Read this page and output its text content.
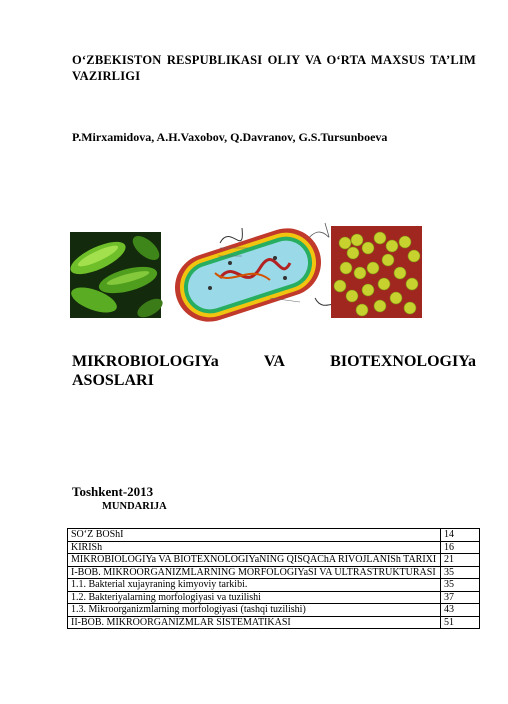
O‘ZBEKISTON RESPUBLIKASI OLIY VA O‘RTA MAXSUS TA’LIM VAZIRLIGI
P.Mirxamidova, A.H.Vaxobov, Q.Davranov, G.S.Tursunboeva
MIKROBIOLOGIYa	VA	BIOTEXNOLOGIYa
ASOSLARI
Toshkent-2013
MUNDARIJA
SO‘Z BOShI	14
KIRISh	16
MIKROBIOLOGIYa VA BIOTEXNOLOGIYaNING QISQAChA RIVOJLANISh TARIXI	21
I-BOB. MIKROORGANIZMLARNING MORFOLOGIYaSI VA ULTRASTRUKTURASI	35
1.1. Bakterial xujayraning kimyoviy tarkibi.	35
1.2. Bakteriyalarning morfologiyasi va tuzilishi	37
1.3. Mikroorganizmlarning morfologiyasi (tashqi tuzilishi)	43
II-BOB. MIKROORGANIZMLAR SISTEMATIKASI	51
